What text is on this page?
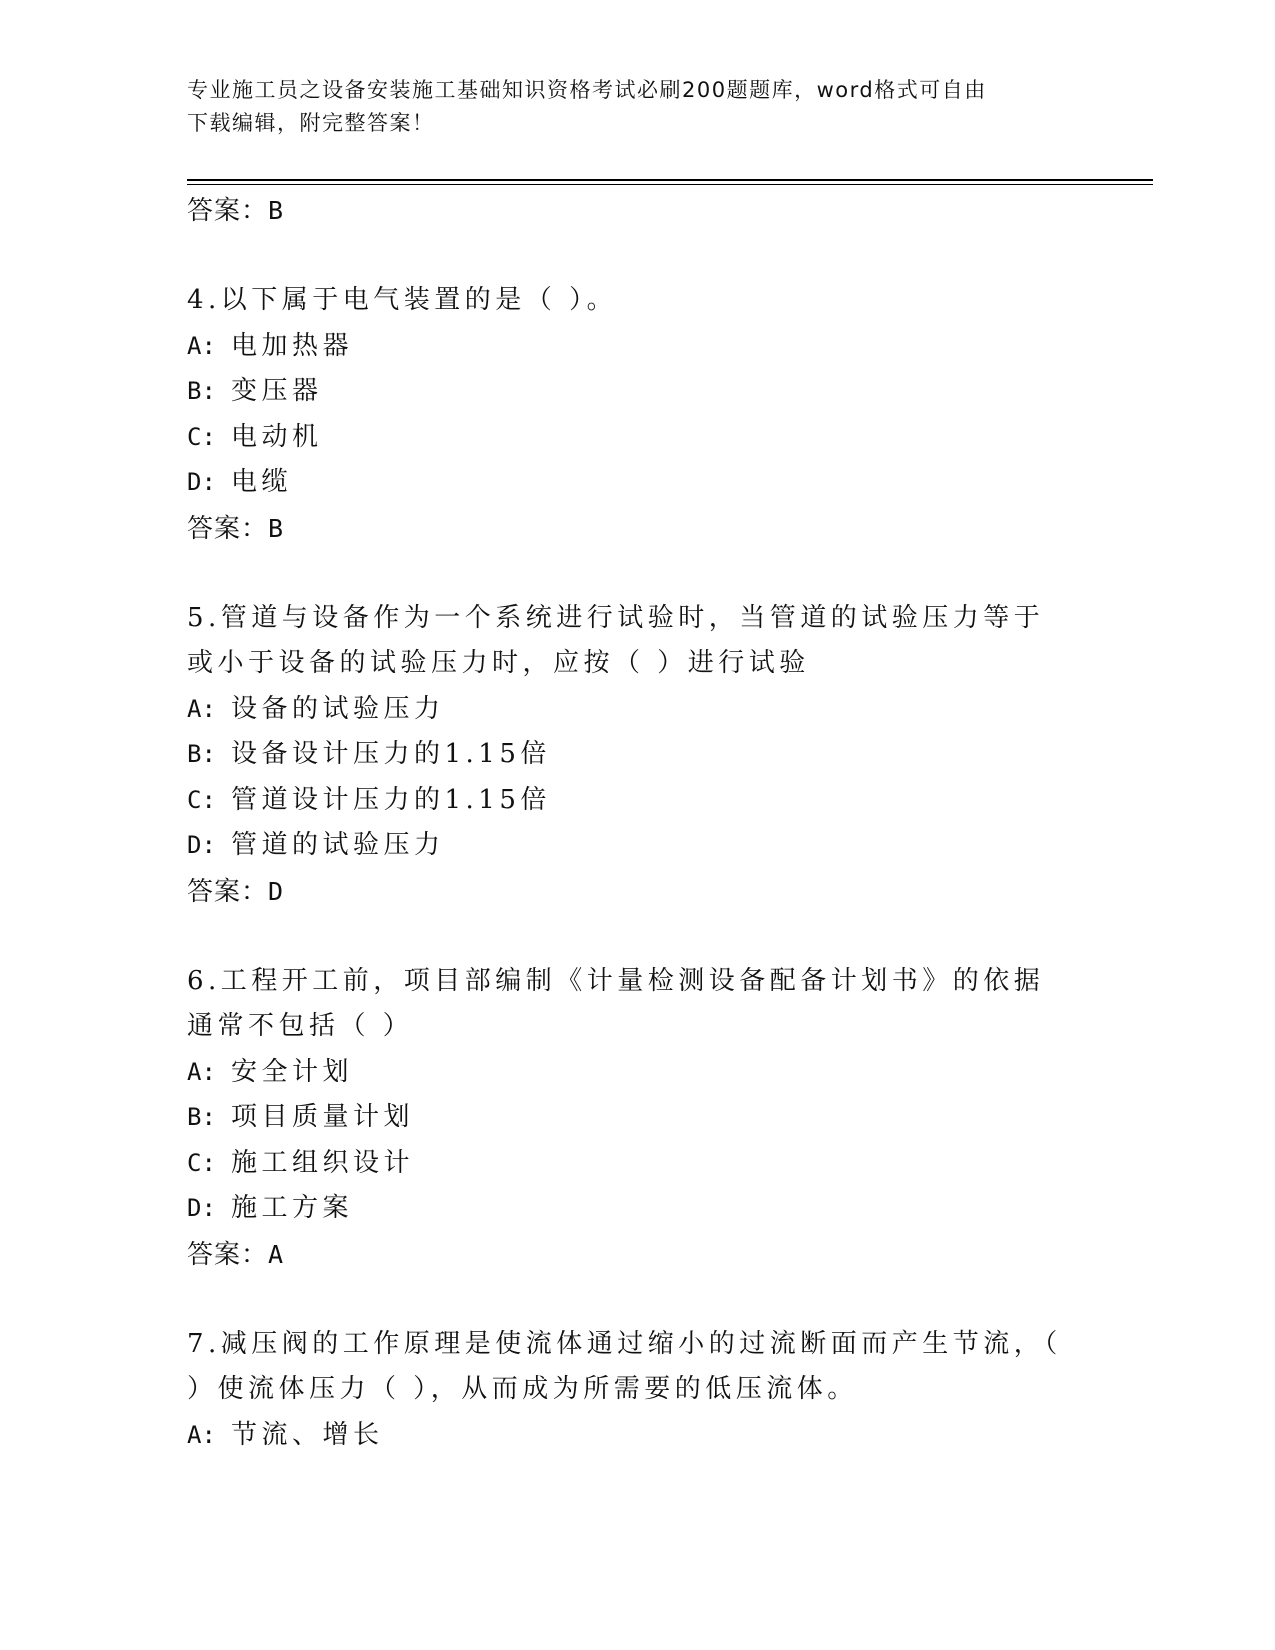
专业施工员之设备安装施工基础知识资格考试必刷200题题库，word格式可自由
下载编辑，附完整答案！
答案：B
4.以下属于电气装置的是（ ）。
A: 电加热器
B: 变压器
C: 电动机
D: 电缆
答案：B
5.管道与设备作为一个系统进行试验时，当管道的试验压力等于或小于设备的试验压力时，应按（ ）进行试验
A: 设备的试验压力
B: 设备设计压力的1.15倍
C: 管道设计压力的1.15倍
D: 管道的试验压力
答案：D
6.工程开工前，项目部编制《计量检测设备配备计划书》的依据通常不包括（ ）
A: 安全计划
B: 项目质量计划
C: 施工组织设计
D: 施工方案
答案：A
7.减压阀的工作原理是使流体通过缩小的过流断面而产生节流，（ ）使流体压力（ ），从而成为所需要的低压流体。
A: 节流、增长
